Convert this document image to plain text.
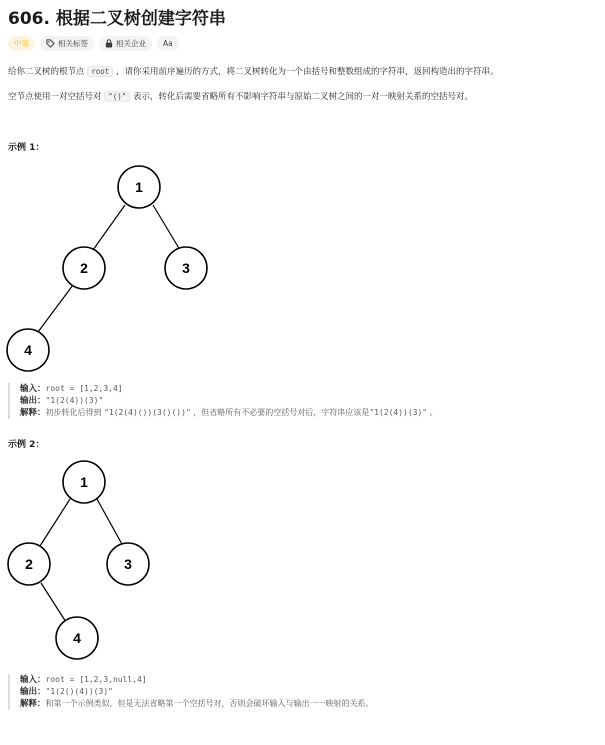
606. 根据二叉树创建字符串
中等	相关标签	相关企业 Aa
给你二叉树的根节点 root ，请你采用前序遍历的方式，将二叉树转化为一个由括号和整数组成的字符串，返回构造出的字符串。
空节点使用一对空括号对 "()" 表示，转化后需要省略所有不影响字符串与原始二叉树之间的一对一映射关系的空括号对。
示例 1：
1
2	3
4
输入：root = [1,2,3,4]
输出："1(2(4))(3)"
解释：初步转化后得到 "1(2(4)())(3()())" ，但省略所有不必要的空括号对后，字符串应该是"1(2(4))(3)" 。
示例 2：
1
2	3
4
输入：root = [1,2,3,null,4]
输出："1(2()(4))(3)"
解释：和第一个示例类似，但是无法省略第一个空括号对，否则会破坏输入与输出一一映射的关系。
